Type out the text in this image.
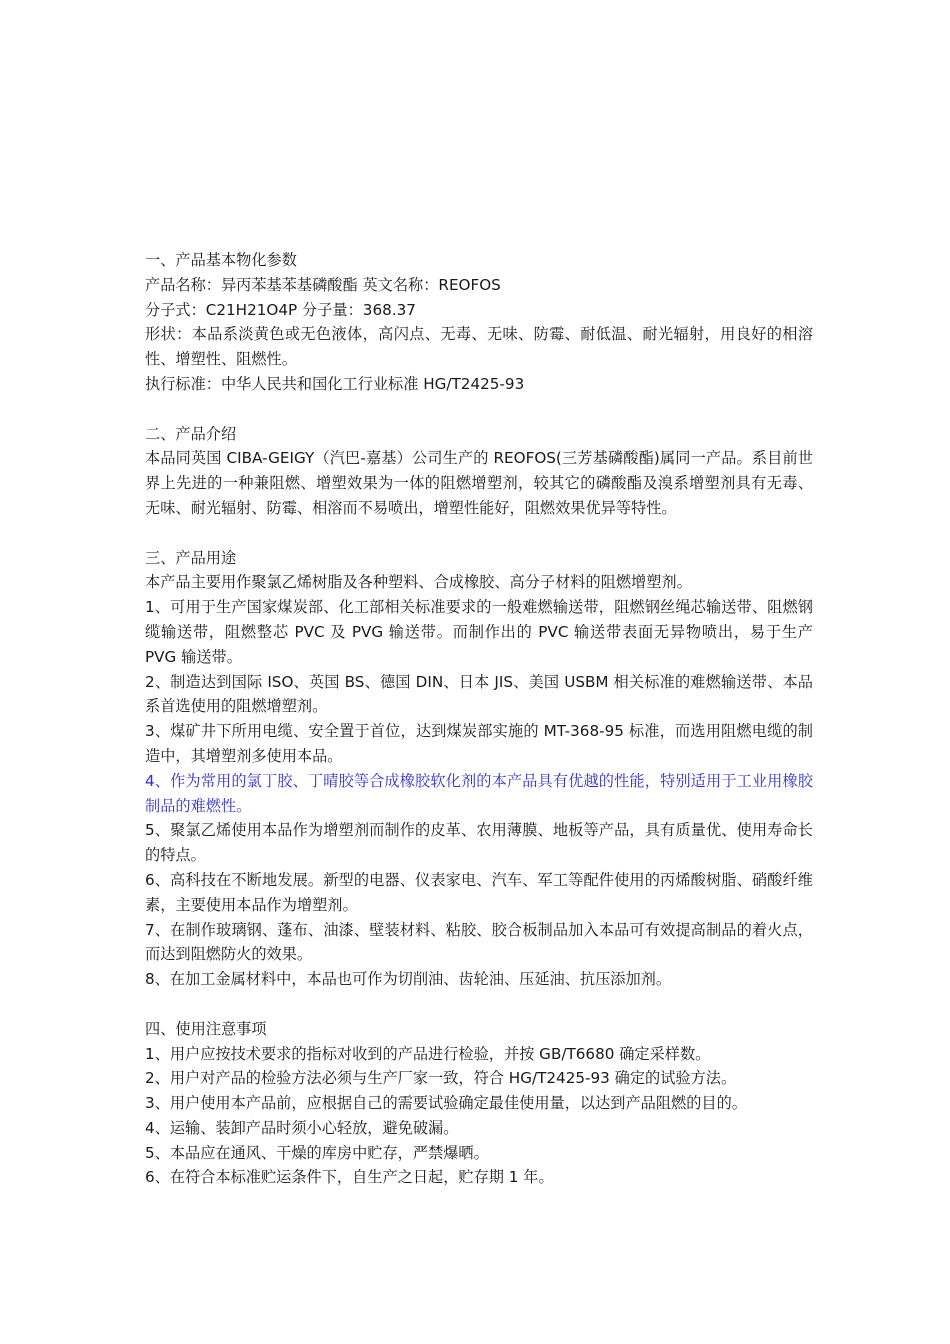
一、产品基本物化参数

产品名称：异丙苯基苯基磷酸酯 英文名称：REOFOS

分子式：C21H21O4P 分子量：368.37

形状：本品系淡黄色或无色液体，高闪点、无毒、无味、防霉、耐低温、耐光辐射，用良好的相溶性、增塑性、阻燃性。

执行标准：中华人民共和国化工行业标准 HG/T2425-93

二、产品介绍

本品同英国 CIBA-GEIGY（汽巴-嘉基）公司生产的 REOFOS(三芳基磷酸酯)属同一产品。系目前世界上先进的一种兼阻燃、增塑效果为一体的阻燃增塑剂，较其它的磷酸酯及溴系增塑剂具有无毒、无味、耐光辐射、防霉、相溶而不易喷出，增塑性能好，阻燃效果优异等特性。

三、产品用途

本产品主要用作聚氯乙烯树脂及各种塑料、合成橡胶、高分子材料的阻燃增塑剂。

1、可用于生产国家煤炭部、化工部相关标准要求的一般难燃输送带，阻燃钢丝绳芯输送带、阻燃钢缆输送带，阻燃整芯 PVC 及 PVG 输送带。而制作出的 PVC 输送带表面无异物喷出，易于生产 PVG 输送带。

2、制造达到国际 ISO、英国 BS、德国 DIN、日本 JIS、美国 USBM 相关标准的难燃输送带、本品系首选使用的阻燃增塑剂。

3、煤矿井下所用电缆、安全置于首位，达到煤炭部实施的 MT-368-95 标准，而选用阻燃电缆的制造中，其增塑剂多使用本品。

4、作为常用的氯丁胶、丁晴胶等合成橡胶软化剂的本产品具有优越的性能，特别适用于工业用橡胶制品的难燃性。

5、聚氯乙烯使用本品作为增塑剂而制作的皮革、农用薄膜、地板等产品，具有质量优、使用寿命长的特点。

6、高科技在不断地发展。新型的电器、仪表家电、汽车、军工等配件使用的丙烯酸树脂、硝酸纤维素，主要使用本品作为增塑剂。

7、在制作玻璃钢、蓬布、油漆、壁装材料、粘胶、胶合板制品加入本品可有效提高制品的着火点，而达到阻燃防火的效果。

8、在加工金属材料中，本品也可作为切削油、齿轮油、压延油、抗压添加剂。

四、使用注意事项

1、用户应按技术要求的指标对收到的产品进行检验，并按 GB/T6680 确定采样数。

2、用户对产品的检验方法必须与生产厂家一致，符合 HG/T2425-93 确定的试验方法。

3、用户使用本产品前，应根据自己的需要试验确定最佳使用量，以达到产品阻燃的目的。

4、运输、装卸产品时须小心轻放，避免破漏。

5、本品应在通风、干燥的库房中贮存，严禁爆晒。

6、在符合本标准贮运条件下，自生产之日起，贮存期 1 年。
